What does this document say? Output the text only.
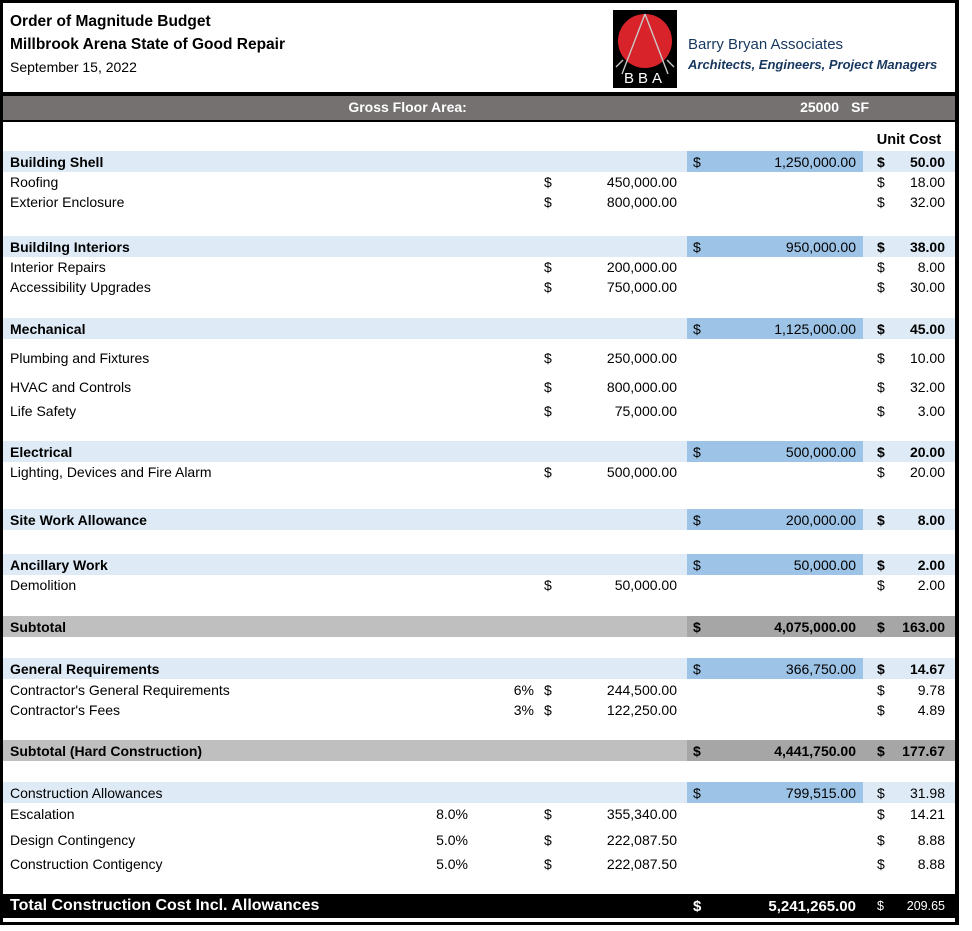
Order of Magnitude Budget
Millbrook Arena State of Good Repair
September 15, 2022
BBA
Barry Bryan Associates
Architects, Engineers, Project Managers
Gross Floor Area:	25000 SF
Unit Cost
Building Shell	$	1,250,000.00	$	50.00
Roofing	$	450,000.00	$	18.00
Exterior Enclosure	$	800,000.00	$	32.00
Buildilng Interiors	$	950,000.00	$	38.00
Interior Repairs	$	200,000.00	$	8.00
Accessibility Upgrades	$	750,000.00	$	30.00
Mechanical	$	1,125,000.00	$	45.00
Plumbing and Fixtures	$	250,000.00	$	10.00
HVAC and Controls	$	800,000.00	$	32.00
Life Safety	$	75,000.00	$	3.00
Electrical	$	500,000.00	$	20.00
Lighting, Devices and Fire Alarm	$	500,000.00	$	20.00
Site Work Allowance	$	200,000.00	$	8.00
Ancillary Work	$	50,000.00	$	2.00
Demolition	$	50,000.00	$	2.00
Subtotal	$	4,075,000.00	$	163.00
General Requirements	$	366,750.00	$	14.67
Contractor's General Requirements	6% $	244,500.00	$	9.78
Contractor's Fees	3% $	122,250.00	$	4.89
Subtotal (Hard Construction)	$	4,441,750.00	$	177.67
Construction Allowances	$	799,515.00	$	31.98
Escalation	8.0%	$	355,340.00	$	14.21
Design Contingency	5.0%	$	222,087.50	$	8.88
Construction Contigency	5.0%	$	222,087.50	$	8.88
Total Construction Cost Incl. Allowances	$	5,241,265.00	$	209.65
